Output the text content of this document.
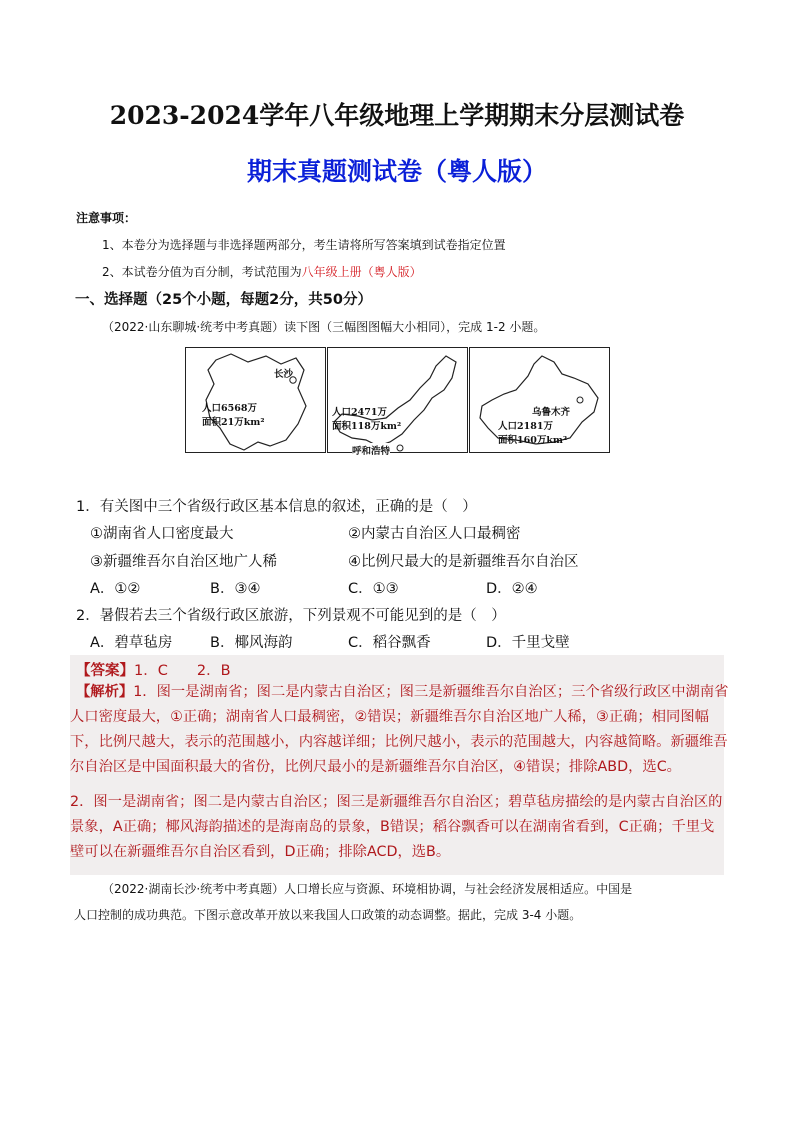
2023-2024学年八年级地理上学期期末分层测试卷
期末真题测试卷（粤人版）
注意事项：
1、本卷分为选择题与非选择题两部分，考生请将所写答案填到试卷指定位置
2、本试卷分值为百分制，考试范围为八年级上册（粤人版）
一、选择题（25个小题，每题2分，共50分）
（2022·山东聊城·统考中考真题）读下图（三幅图图幅大小相同），完成 1-2 小题。
长沙
人口6568万
面积21万km²
人口2471万
面积118万km²
呼和浩特
乌鲁木齐
人口2181万
面积160万km²
1．有关图中三个省级行政区基本信息的叙述，正确的是（　）
①湖南省人口密度最大	②内蒙古自治区人口最稠密
③新疆维吾尔自治区地广人稀	④比例尺最大的是新疆维吾尔自治区
A．①②	B．③④	C．①③	D．②④
2．暑假若去三个省级行政区旅游，下列景观不可能见到的是（　）
A．碧草毡房	B．椰风海韵	C．稻谷飘香	D．千里戈壁
【答案】1．C　　2．B
【解析】1．图一是湖南省；图二是内蒙古自治区；图三是新疆维吾尔自治区；三个省级行政区中湖南省
人口密度最大，①正确；湖南省人口最稠密，②错误；新疆维吾尔自治区地广人稀，③正确；相同图幅
下，比例尺越大，表示的范围越小，内容越详细；比例尺越小，表示的范围越大，内容越简略。新疆维吾
尔自治区是中国面积最大的省份，比例尺最小的是新疆维吾尔自治区，④错误；排除ABD，选C。
2．图一是湖南省；图二是内蒙古自治区；图三是新疆维吾尔自治区；碧草毡房描绘的是内蒙古自治区的
景象，A正确；椰风海韵描述的是海南岛的景象，B错误；稻谷飘香可以在湖南省看到，C正确；千里戈
壁可以在新疆维吾尔自治区看到，D正确；排除ACD，选B。
（2022·湖南长沙·统考中考真题）人口增长应与资源、环境相协调，与社会经济发展相适应。中国是
人口控制的成功典范。下图示意改革开放以来我国人口政策的动态调整。据此，完成 3-4 小题。
